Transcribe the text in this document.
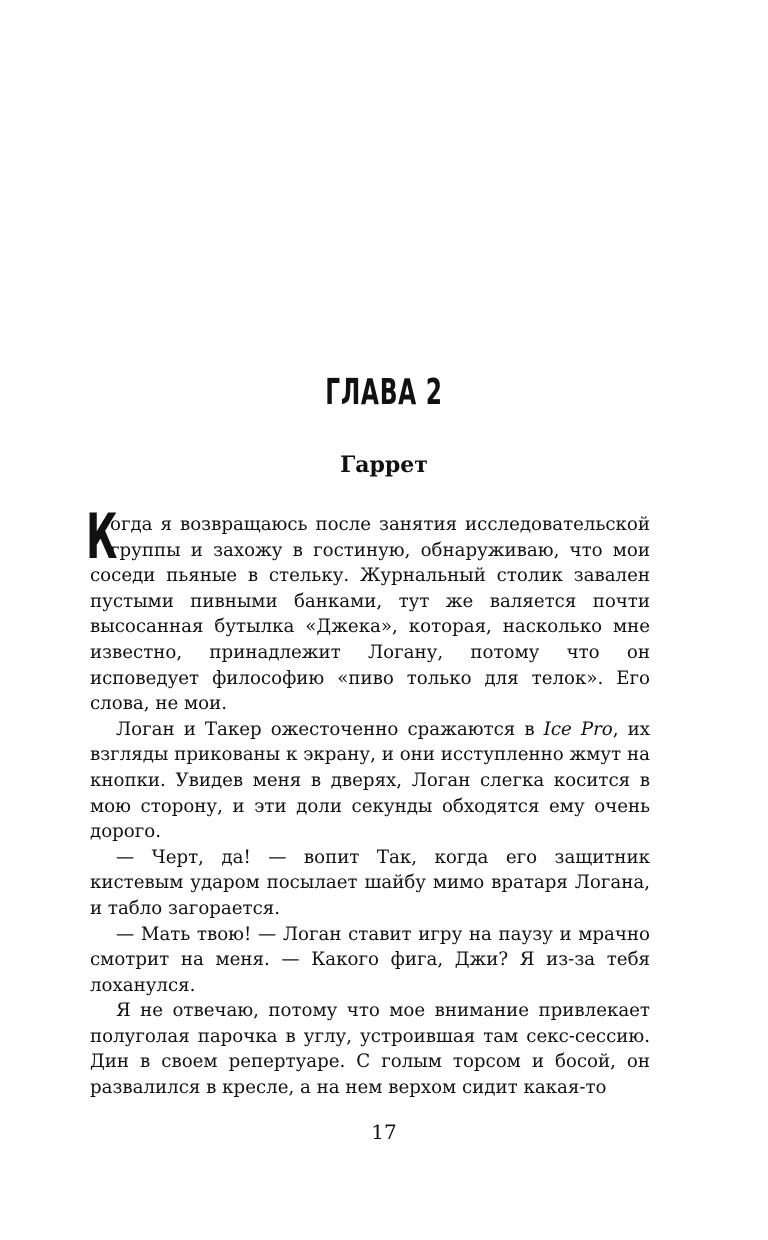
ГЛАВА 2
Гаррет

К
огда я возвращаюсь после занятия исследовательской группы и захожу в гостиную, обнаруживаю, что мои соседи пьяные в стельку. Журнальный столик завален пустыми пивными банками, тут же валяется почти высосанная бутылка «Джека», которая, насколько мне известно, принадлежит Логану, потому что он исповедует философию «пиво только для телок». Его слова, не мои.

Логан и Такер ожесточенно сражаются в Ice Pro, их взгляды прикованы к экрану, и они исступленно жмут на кнопки. Увидев меня в дверях, Логан слегка косится в мою сторону, и эти доли секунды обходятся ему очень дорого.

— Черт, да! — вопит Так, когда его защитник кистевым ударом посылает шайбу мимо вратаря Логана, и табло загорается.

— Мать твою! — Логан ставит игру на паузу и мрачно смотрит на меня. — Какого фига, Джи? Я из-за тебя лоханулся.

Я не отвечаю, потому что мое внимание привлекает полуголая парочка в углу, устроившая там секс-сессию. Дин в своем репертуаре. С голым торсом и босой, он развалился в кресле, а на нем верхом сидит какая-то

17
